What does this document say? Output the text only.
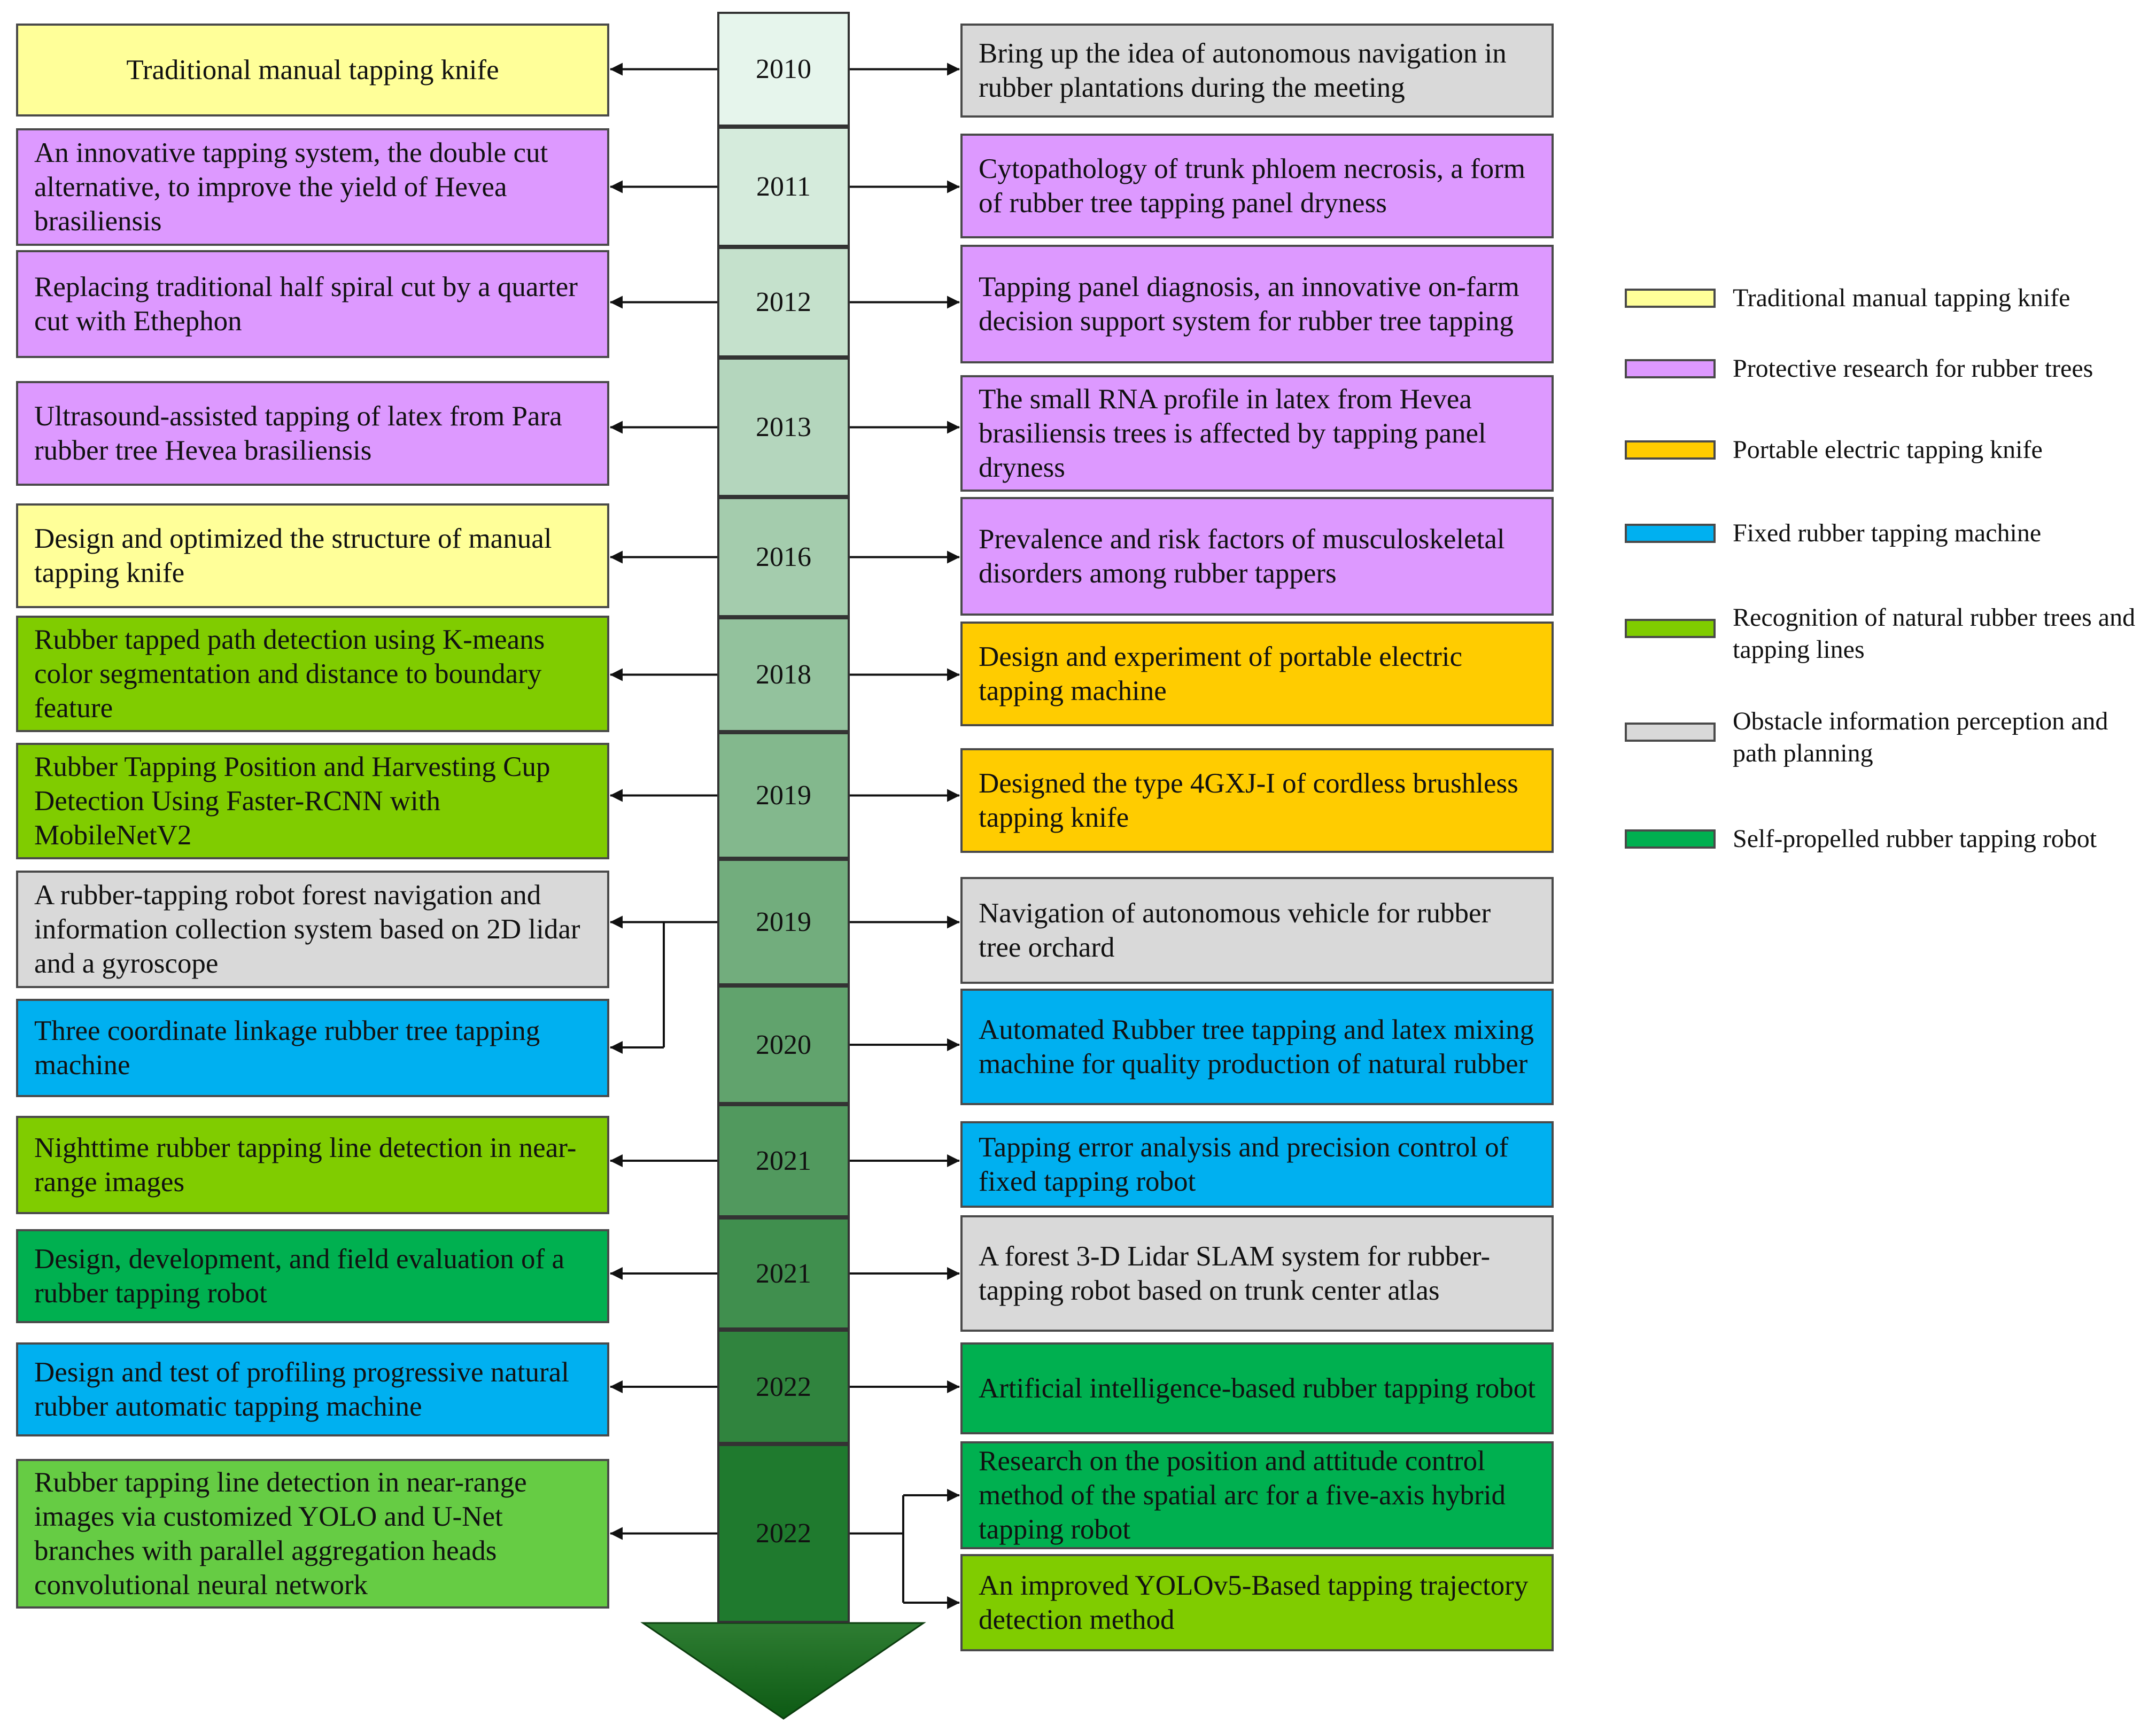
2010
2011
2012
2013
2016
2018
2019
2019
2020
2021
2021
2022
2022
Traditional manual tapping knife
An innovative tapping system, the double cut alternative, to improve the yield of Hevea brasiliensis
Replacing traditional half spiral cut by a quarter cut with Ethephon
Ultrasound-assisted tapping of latex from Para rubber tree Hevea brasiliensis
Design and optimized the structure of manual tapping knife
Rubber tapped path detection using K-means color segmentation and distance to boundary feature
Rubber Tapping Position and Harvesting Cup Detection Using Faster-RCNN with MobileNetV2
A rubber-tapping robot forest navigation and information collection system based on 2D lidar and a gyroscope
Three coordinate linkage rubber tree tapping machine
Nighttime rubber tapping line detection in near-range images
Design, development, and field evaluation of a rubber tapping robot
Design and test of profiling progressive natural rubber automatic tapping machine
Rubber tapping line detection in near-range images via customized YOLO and U-Net branches with parallel aggregation heads convolutional neural network
Bring up the idea of autonomous navigation in rubber plantations during the meeting
Cytopathology of trunk phloem necrosis, a form of rubber tree tapping panel dryness
Tapping panel diagnosis, an innovative on-farm decision support system for rubber tree tapping
The small RNA profile in latex from Hevea brasiliensis trees is affected by tapping panel dryness
Prevalence and risk factors of musculoskeletal disorders among rubber tappers
Design and experiment of portable electric tapping machine
Designed the type 4GXJ-I of cordless brushless tapping knife
Navigation of autonomous vehicle for rubber tree orchard
Automated Rubber tree tapping and latex mixing machine for quality production of natural rubber
Tapping error analysis and precision control of fixed tapping robot
A forest 3-D Lidar SLAM system for rubber-tapping robot based on trunk center atlas
Artificial intelligence-based rubber tapping robot
Research on the position and attitude control method of the spatial arc for a five-axis hybrid tapping robot
An improved YOLOv5-Based tapping trajectory detection method
Traditional manual tapping knife
Protective research for rubber trees
Portable electric tapping knife
Fixed rubber tapping machine
Recognition of natural rubber trees and tapping lines
Obstacle information perception and path planning
Self-propelled rubber tapping robot
